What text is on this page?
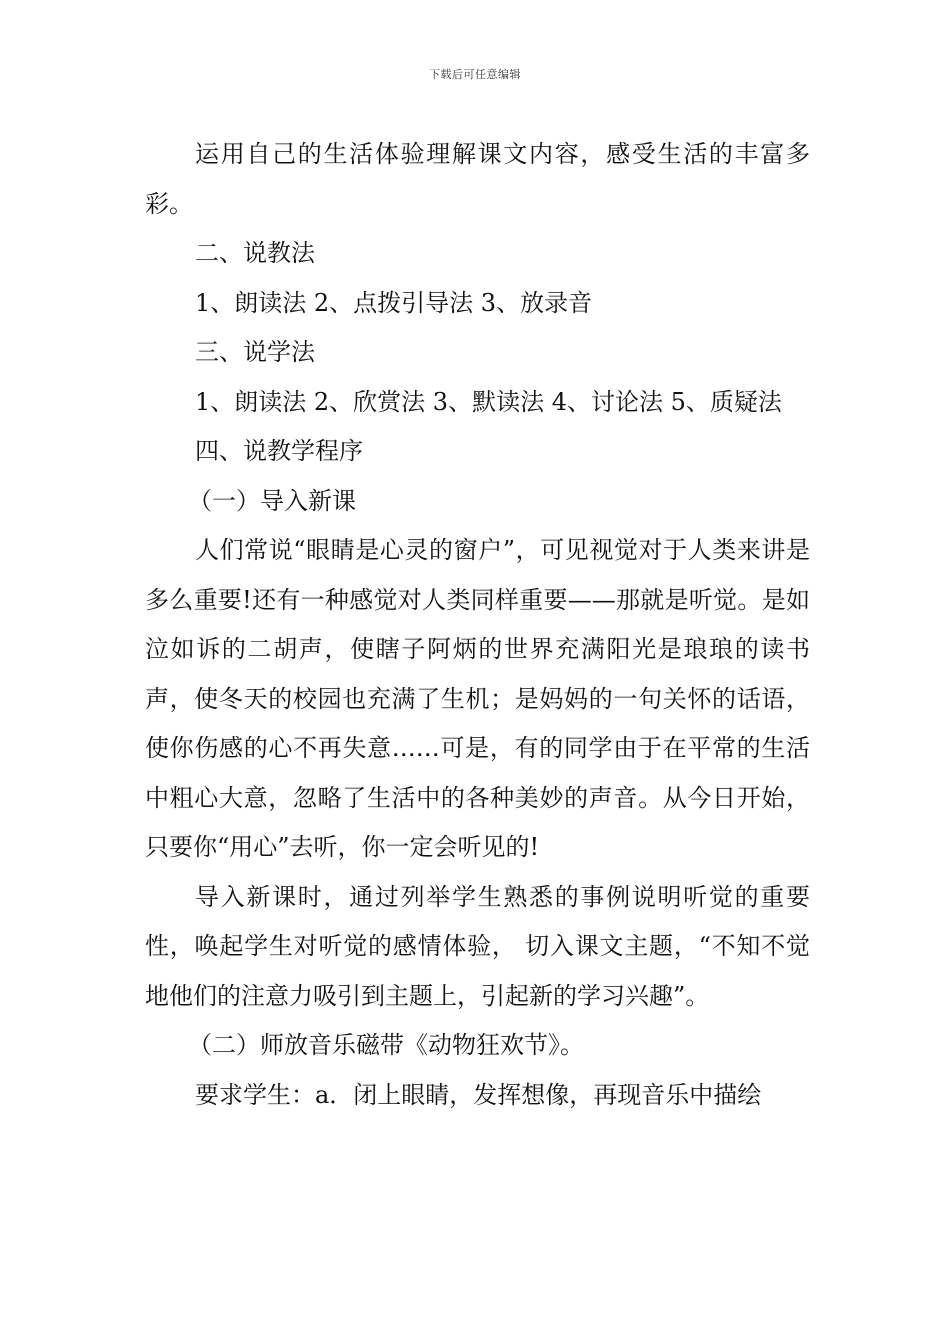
下载后可任意编辑

运用自己的生活体验理解课文内容，感受生活的丰富多彩。

二、说教法

1、朗读法 2、点拨引导法 3、放录音

三、说学法

1、朗读法 2、欣赏法 3、默读法 4、讨论法 5、质疑法

四、说教学程序

（一）导入新课

人们常说“眼睛是心灵的窗户”，可见视觉对于人类来讲是多么重要!还有一种感觉对人类同样重要——那就是听觉。是如泣如诉的二胡声，使瞎子阿炳的世界充满阳光是琅琅的读书声，使冬天的校园也充满了生机；是妈妈的一句关怀的话语，使你伤感的心不再失意……可是，有的同学由于在平常的生活中粗心大意，忽略了生活中的各种美妙的声音。从今日开始，只要你“用心”去听，你一定会听见的!

导入新课时，通过列举学生熟悉的事例说明听觉的重要性，唤起学生对听觉的感情体验， 切入课文主题，“不知不觉地他们的注意力吸引到主题上，引起新的学习兴趣”。

（二）师放音乐磁带《动物狂欢节》。

要求学生：a．闭上眼睛，发挥想像，再现音乐中描绘
